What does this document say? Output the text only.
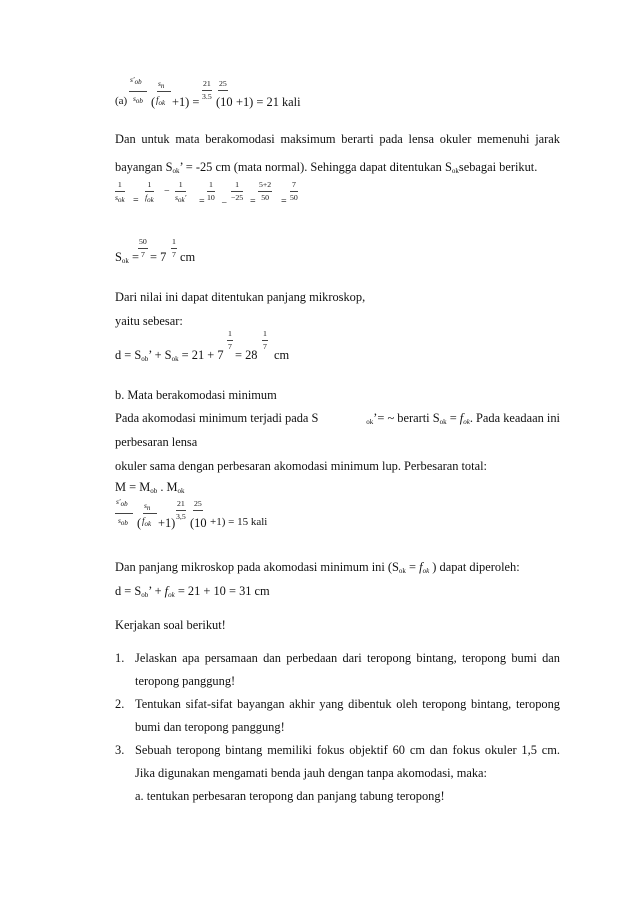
$s'_{ob}$ $s_n$
(a) $s_{ob}$ ( $f_{ok} +1$) =
21
3.5
25
(10 +1) = 21 kali
Dan untuk mata berakomodasi maksimum berarti pada lensa okuler memenuhi jarak
bayangan $S_{ok}$’ = -25 cm (mata normal). Sehingga dapat ditentukan $S_{ok}sebagai$ berikut.
1
$s_{ok}$ =
1
$f_{ok}$
−
1
$s_{ok}'$ =
1
10 –
1
−25 =
5+2
50	=
7
50
50
7
1
7
$S_{ok}$ = = 7 cm
Dari nilai ini dapat ditentukan panjang mikroskop,
yaitu sebesar:
1
7
1
7
$d = S_{ob}$’ + $S_{ok} = 21 + 7 = 28$ cm
b. Mata berakomodasi minimum
Pada akomodasi minimum terjadi pada S	$_{ok}$’= ~ berarti $S_{ok} = f_{ok}$. Pada keadaan ini
perbesaran lensa
okuler sama dengan perbesaran akomodasi minimum lup. Perbesaran total:
$M = M_{ob}$ . $M_{ok}$
$s'_{ob}$ $s_n$
$s_{ob}$ ( $f_{ok} +1$)
21
3,5
25
(10 +1) = 15 kali
Dan panjang mikroskop pada akomodasi minimum ini ($S_{ok} = f_{ok}$ ) dapat diperoleh:
$d = S_{ob}$’ + $f_{ok} = 21 + 10 = 31$ cm
Kerjakan soal berikut!
1. Jelaskan apa persamaan dan perbedaan dari teropong bintang, teropong bumi dan
teropong panggung!
2. Tentukan sifat-sifat bayangan akhir yang dibentuk oleh teropong bintang, teropong
bumi dan teropong panggung!
3. Sebuah teropong bintang memiliki fokus objektif 60 cm dan fokus okuler 1,5 cm.
Jika digunakan mengamati benda jauh dengan tanpa akomodasi, maka:
a. tentukan perbesaran teropong dan panjang tabung teropong!
